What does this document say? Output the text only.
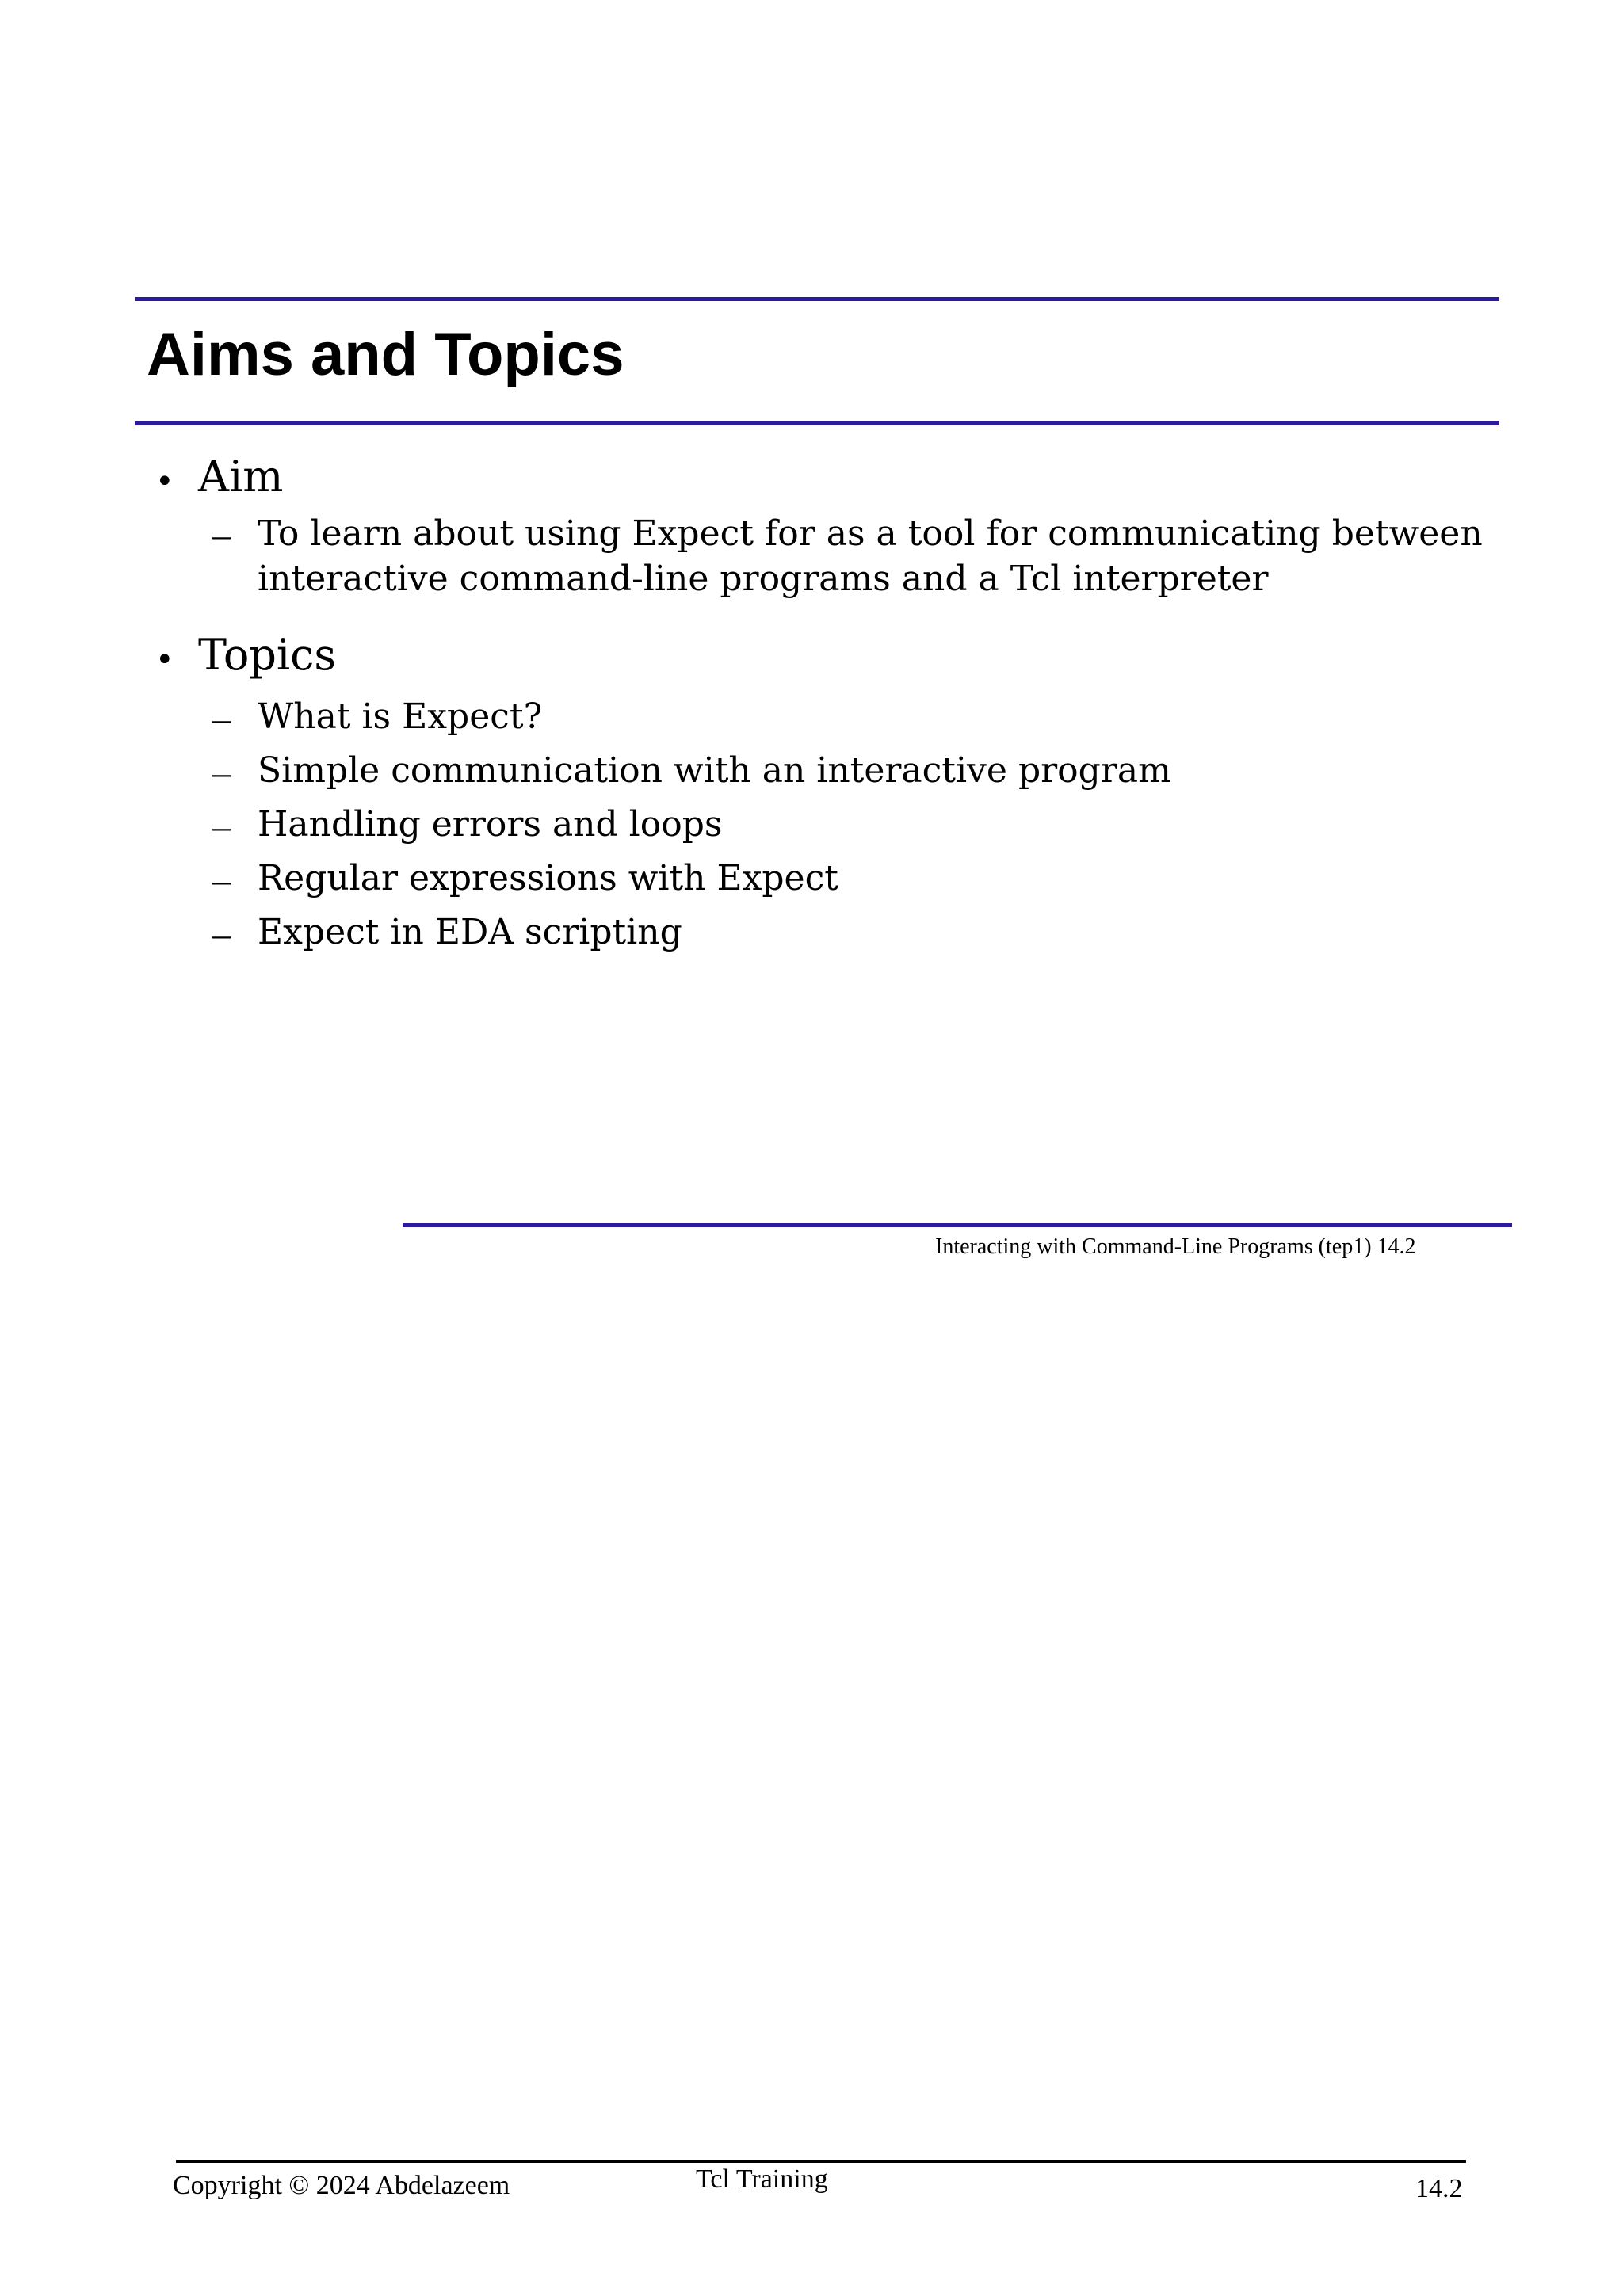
Aims and Topics
• Aim
– To learn about using Expect for as a tool for communicating between
interactive command-line programs and a Tcl interpreter
• Topics
– What is Expect?
– Simple communication with an interactive program
– Handling errors and loops
– Regular expressions with Expect
– Expect in EDA scripting
Interacting with Command-Line Programs (tep1) 14.2
Copyright © 2024 Abdelazeem	Tcl Training	14.2
